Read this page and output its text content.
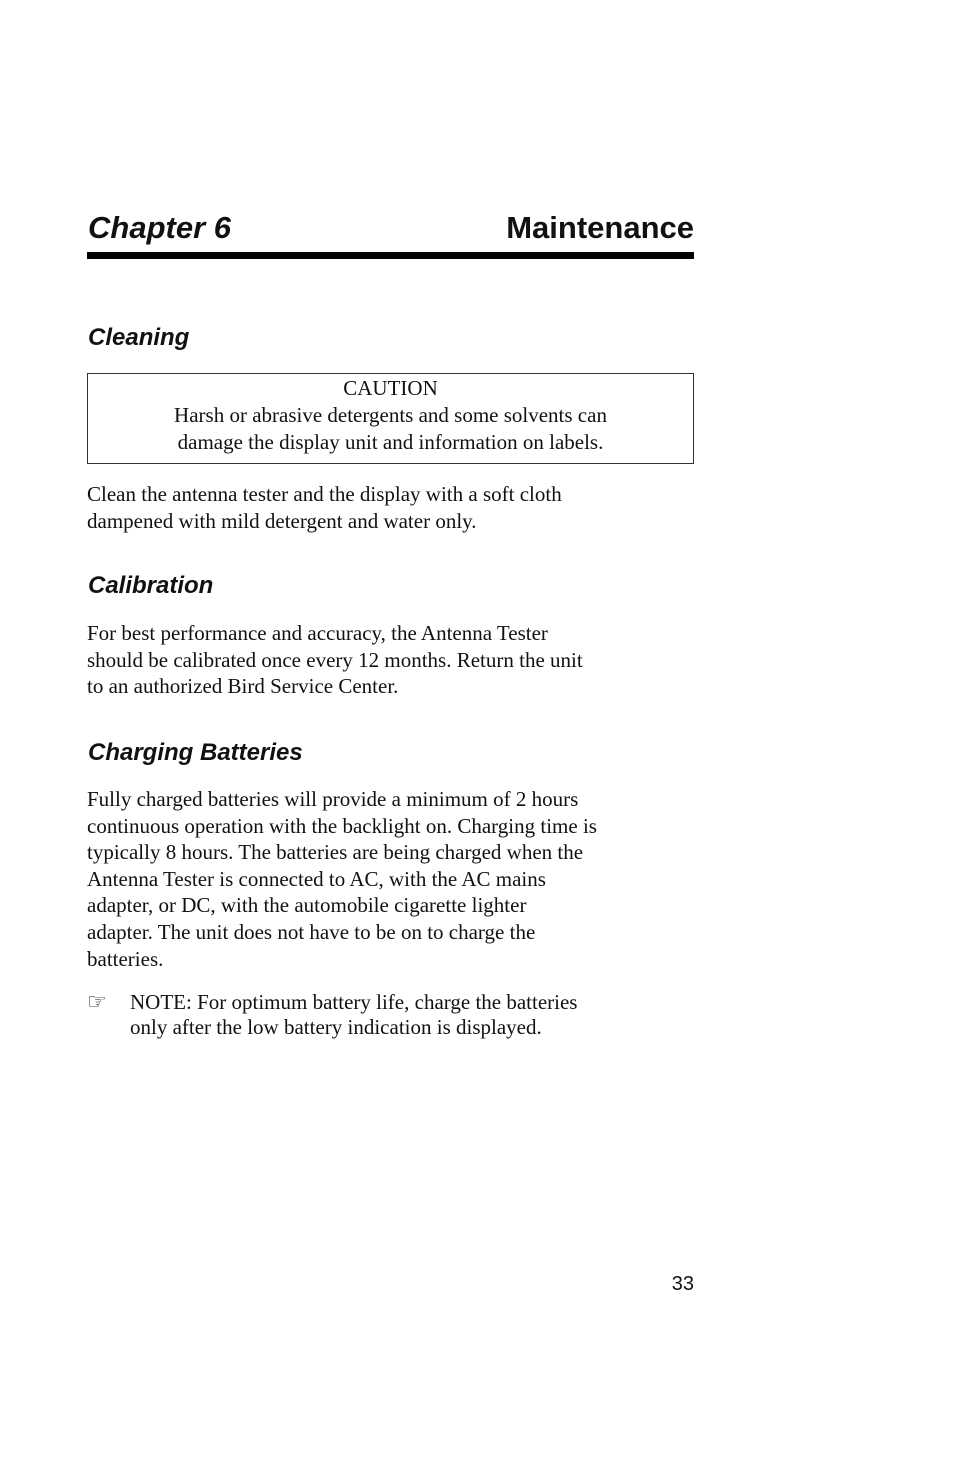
Chapter 6	Maintenance
Cleaning
CAUTION
Harsh or abrasive detergents and some solvents can
damage the display unit and information on labels.

Clean the antenna tester and the display with a soft cloth
dampened with mild detergent and water only.

Calibration

For best performance and accuracy, the Antenna Tester
should be calibrated once every 12 months. Return the unit
to an authorized Bird Service Center.

Charging Batteries

Fully charged batteries will provide a minimum of 2 hours
continuous operation with the backlight on. Charging time is
typically 8 hours. The batteries are being charged when the
Antenna Tester is connected to AC, with the AC mains
adapter, or DC, with the automobile cigarette lighter
adapter. The unit does not have to be on to charge the
batteries.

☞ NOTE: For optimum battery life, charge the batteries
only after the low battery indication is displayed.
33
